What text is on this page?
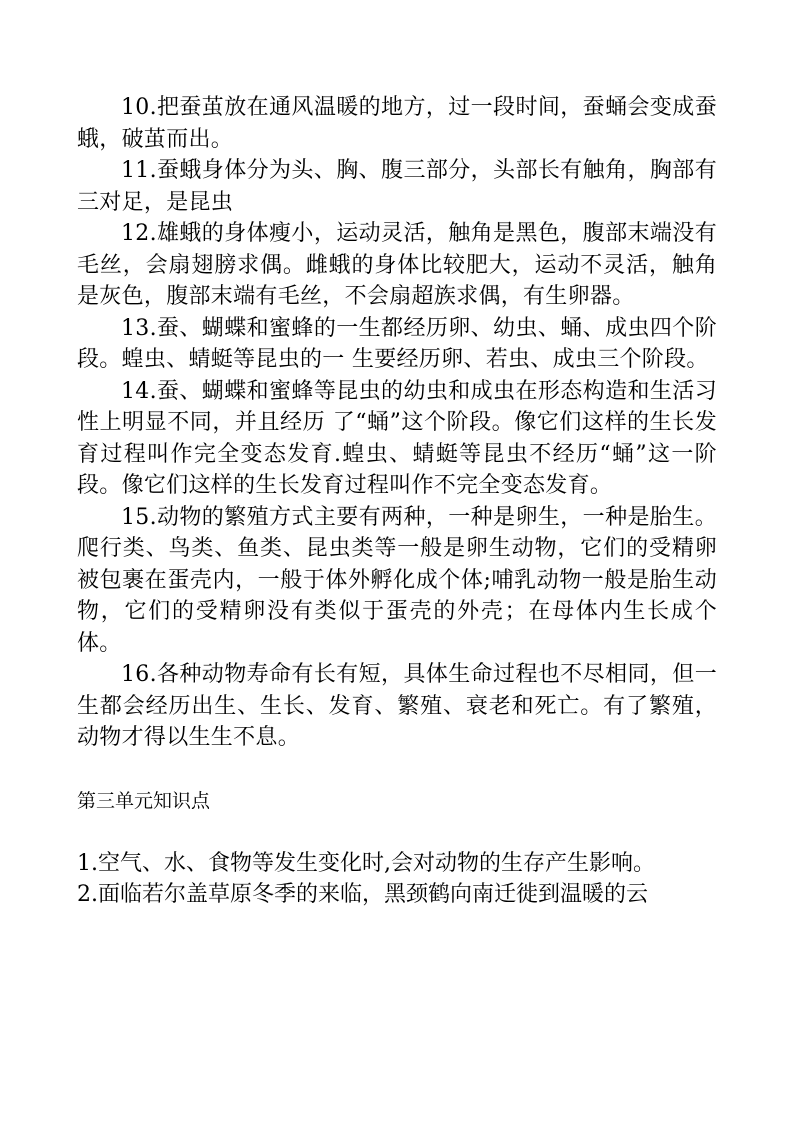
10.把蚕茧放在通风温暖的地方，过一段时间，蚕蛹会变成蚕蛾，破茧而出。

11.蚕蛾身体分为头、胸、腹三部分，头部长有触角，胸部有三对足，是昆虫

12.雄蛾的身体瘦小，运动灵活，触角是黑色，腹部末端没有毛丝，会扇翅膀求偶。雌蛾的身体比较肥大，运动不灵活，触角是灰色，腹部末端有毛丝，不会扇超族求偶，有生卵器。

13.蚕、蝴蝶和蜜蜂的一生都经历卵、幼虫、蛹、成虫四个阶段。蝗虫、蜻蜓等昆虫的一 生要经历卵、若虫、成虫三个阶段。

14.蚕、蝴蝶和蜜蜂等昆虫的幼虫和成虫在形态构造和生活习性上明显不同，并且经历 了“蛹”这个阶段。像它们这样的生长发育过程叫作完全变态发育.蝗虫、蜻蜓等昆虫不经历“蛹”这一阶段。像它们这样的生长发育过程叫作不完全变态发育。

15.动物的繁殖方式主要有两种，一种是卵生，一种是胎生。爬行类、鸟类、鱼类、昆虫类等一般是卵生动物，它们的受精卵被包裹在蛋壳内，一般于体外孵化成个体;哺乳动物一般是胎生动物，它们的受精卵没有类似于蛋壳的外壳；在母体内生长成个体。

16.各种动物寿命有长有短，具体生命过程也不尽相同，但一生都会经历出生、生长、发育、繁殖、衰老和死亡。有了繁殖，动物才得以生生不息。

第三单元知识点

1.空气、水、食物等发生变化时,会对动物的生存产生影响。

2.面临若尔盖草原冬季的来临，黑颈鹤向南迁徙到温暖的云
